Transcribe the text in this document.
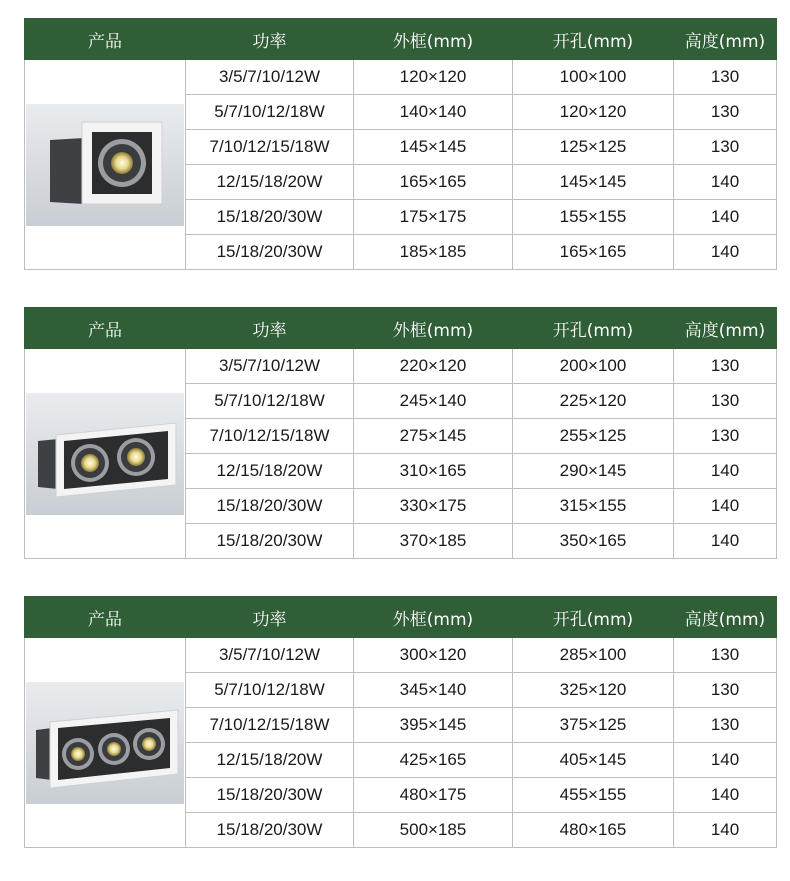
产品	功率	外框(mm)	开孔(mm)	高度(mm)

	3/5/7/10/12W	120×120	100×100	130
	5/7/10/12/18W	140×140	120×120	130
	7/10/12/15/18W	145×145	125×125	130
	12/15/18/20W	165×165	145×145	140
	15/18/20/30W	175×175	155×155	140
	15/18/20/30W	185×185	165×165	140
产品	功率	外框(mm)	开孔(mm)	高度(mm)

	3/5/7/10/12W	220×120	200×100	130
	5/7/10/12/18W	245×140	225×120	130
	7/10/12/15/18W	275×145	255×125	130
	12/15/18/20W	310×165	290×145	140
	15/18/20/30W	330×175	315×155	140
	15/18/20/30W	370×185	350×165	140
产品	功率	外框(mm)	开孔(mm)	高度(mm)

	3/5/7/10/12W	300×120	285×100	130
	5/7/10/12/18W	345×140	325×120	130
	7/10/12/15/18W	395×145	375×125	130
	12/15/18/20W	425×165	405×145	140
	15/18/20/30W	480×175	455×155	140
	15/18/20/30W	500×185	480×165	140
